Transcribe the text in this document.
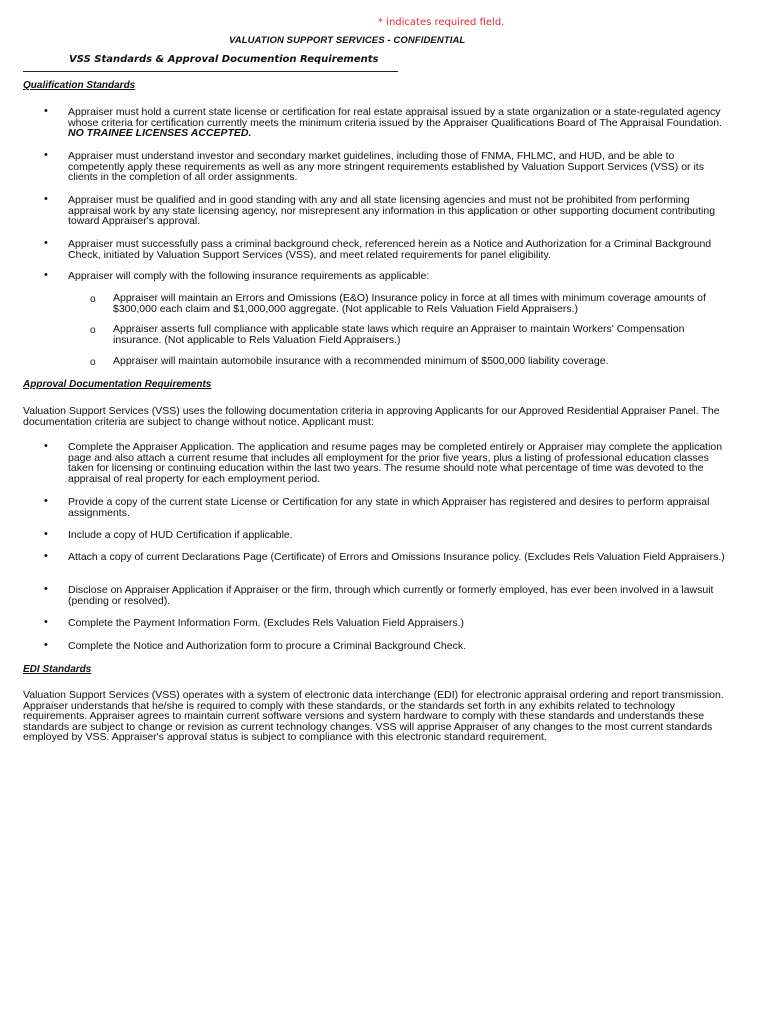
* indicates required field.
VALUATION SUPPORT SERVICES - CONFIDENTIAL
VSS Standards & Approval Documention Requirements
Qualification Standards
• Appraiser must hold a current state license or certification for real estate appraisal issued by a state organization or a state-regulated agency whose criteria for certification currently meets the minimum criteria issued by the Appraiser Qualifications Board of The Appraisal Foundation. NO TRAINEE LICENSES ACCEPTED.
• Appraiser must understand investor and secondary market guidelines, including those of FNMA, FHLMC, and HUD, and be able to competently apply these requirements as well as any more stringent requirements established by Valuation Support Services (VSS) or its clients in the completion of all order assignments.
• Appraiser must be qualified and in good standing with any and all state licensing agencies and must not be prohibited from performing appraisal work by any state licensing agency, nor misrepresent any information in this application or other supporting document contributing toward Appraiser's approval.
• Appraiser must successfully pass a criminal background check, referenced herein as a Notice and Authorization for a Criminal Background Check, initiated by Valuation Support Services (VSS), and meet related requirements for panel eligibility.
• Appraiser will comply with the following insurance requirements as applicable:
o Appraiser will maintain an Errors and Omissions (E&O) Insurance policy in force at all times with minimum coverage amounts of $300,000 each claim and $1,000,000 aggregate. (Not applicable to Rels Valuation Field Appraisers.)
o Appraiser asserts full compliance with applicable state laws which require an Appraiser to maintain Workers' Compensation insurance. (Not applicable to Rels Valuation Field Appraisers.)
o Appraiser will maintain automobile insurance with a recommended minimum of $500,000 liability coverage.
Approval Documentation Requirements
Valuation Support Services (VSS) uses the following documentation criteria in approving Applicants for our Approved Residential Appraiser Panel. The documentation criteria are subject to change without notice. Applicant must:
• Complete the Appraiser Application. The application and resume pages may be completed entirely or Appraiser may complete the application page and also attach a current resume that includes all employment for the prior five years, plus a listing of professional education classes taken for licensing or continuing education within the last two years. The resume should note what percentage of time was devoted to the appraisal of real property for each employment period.
• Provide a copy of the current state License or Certification for any state in which Appraiser has registered and desires to perform appraisal assignments.
• Include a copy of HUD Certification if applicable.
• Attach a copy of current Declarations Page (Certificate) of Errors and Omissions Insurance policy. (Excludes Rels Valuation Field Appraisers.)
• Disclose on Appraiser Application if Appraiser or the firm, through which currently or formerly employed, has ever been involved in a lawsuit (pending or resolved).
• Complete the Payment Information Form. (Excludes Rels Valuation Field Appraisers.)
• Complete the Notice and Authorization form to procure a Criminal Background Check.
EDI Standards
Valuation Support Services (VSS) operates with a system of electronic data interchange (EDI) for electronic appraisal ordering and report transmission. Appraiser understands that he/she is required to comply with these standards, or the standards set forth in any exhibits related to technology requirements. Appraiser agrees to maintain current software versions and system hardware to comply with these standards and understands these standards are subject to change or revision as current technology changes. VSS will apprise Appraiser of any changes to the most current standards employed by VSS. Appraiser's approval status is subject to compliance with this electronic standard requirement.
